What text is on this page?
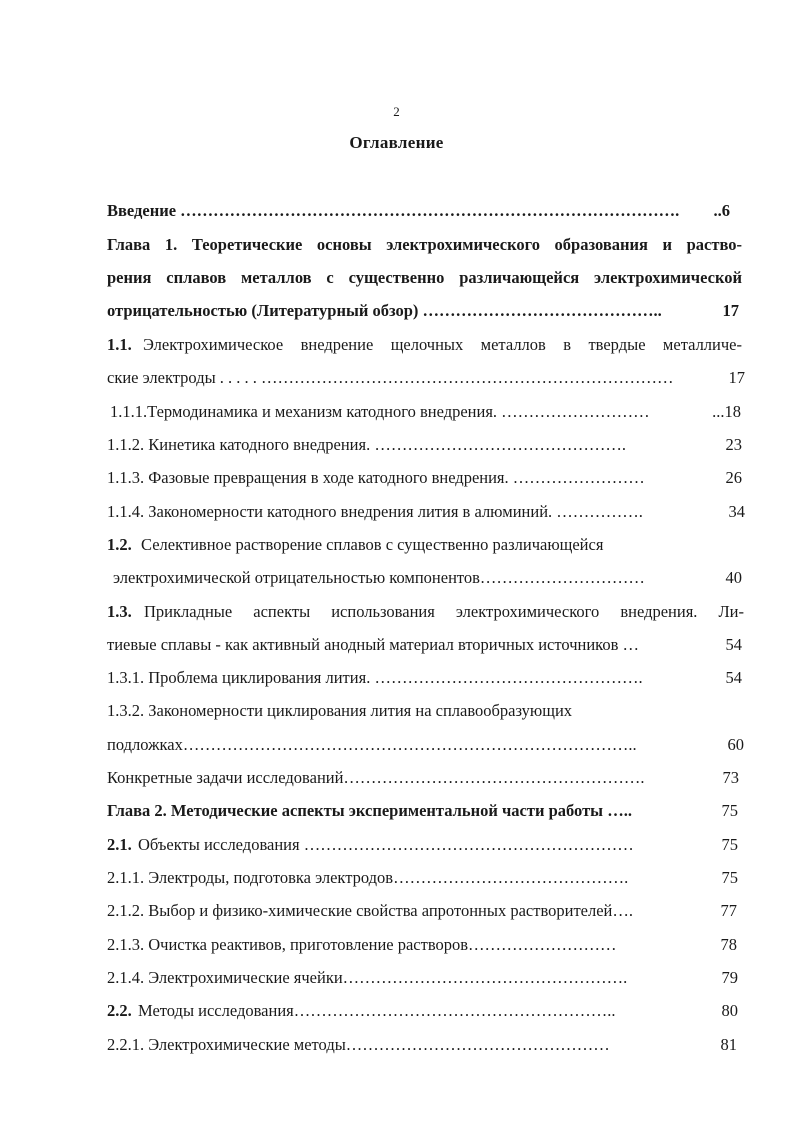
2
Оглавление
Введение ………………………………………………………………………………. ..6
Глава 1. Теоретические основы электрохимического образования и раство-
рения сплавов металлов с существенно различающейся электрохимической
отрицательностью (Литературный обзор) ……………………………………..	17
1.1. Электрохимическое внедрение щелочных металлов в твердые металличе-
ские электроды . . . . . …………………………………………………………………	17
1.1.1.Термодинамика и механизм катодного внедрения. ………………………	...18
1.1.2. Кинетика катодного внедрения. ……………………………………….	23
1.1.3. Фазовые превращения в ходе катодного внедрения. ……………………	26
1.1.4. Закономерности катодного внедрения лития в алюминий. …………….	34
1.2. Селективное растворение сплавов с существенно различающейся
электрохимической отрицательностью компонентов…………………………	40
1.3. Прикладные аспекты использования электрохимического внедрения. Ли-
тиевые сплавы - как активный анодный материал вторичных источников …	54
1.3.1. Проблема циклирования лития. ………………………………………….	54
1.3.2. Закономерности циклирования лития на сплавообразующих
подложках………………………………………………………………………..	60
Конкретные задачи исследований……………………………………………….	73
Глава 2. Методические аспекты экспериментальной части работы …..	75
2.1. Объекты исследования ……………………………………………………	75
2.1.1. Электроды, подготовка электродов…………………………………….	75
2.1.2. Выбор и физико-химические свойства апротонных растворителей….	77
2.1.3. Очистка реактивов, приготовление растворов………………………	78
2.1.4. Электрохимические ячейки…………………………………………….	79
2.2. Методы исследования…………………………………………………..	80
2.2.1. Электрохимические методы…………………………………………	81
